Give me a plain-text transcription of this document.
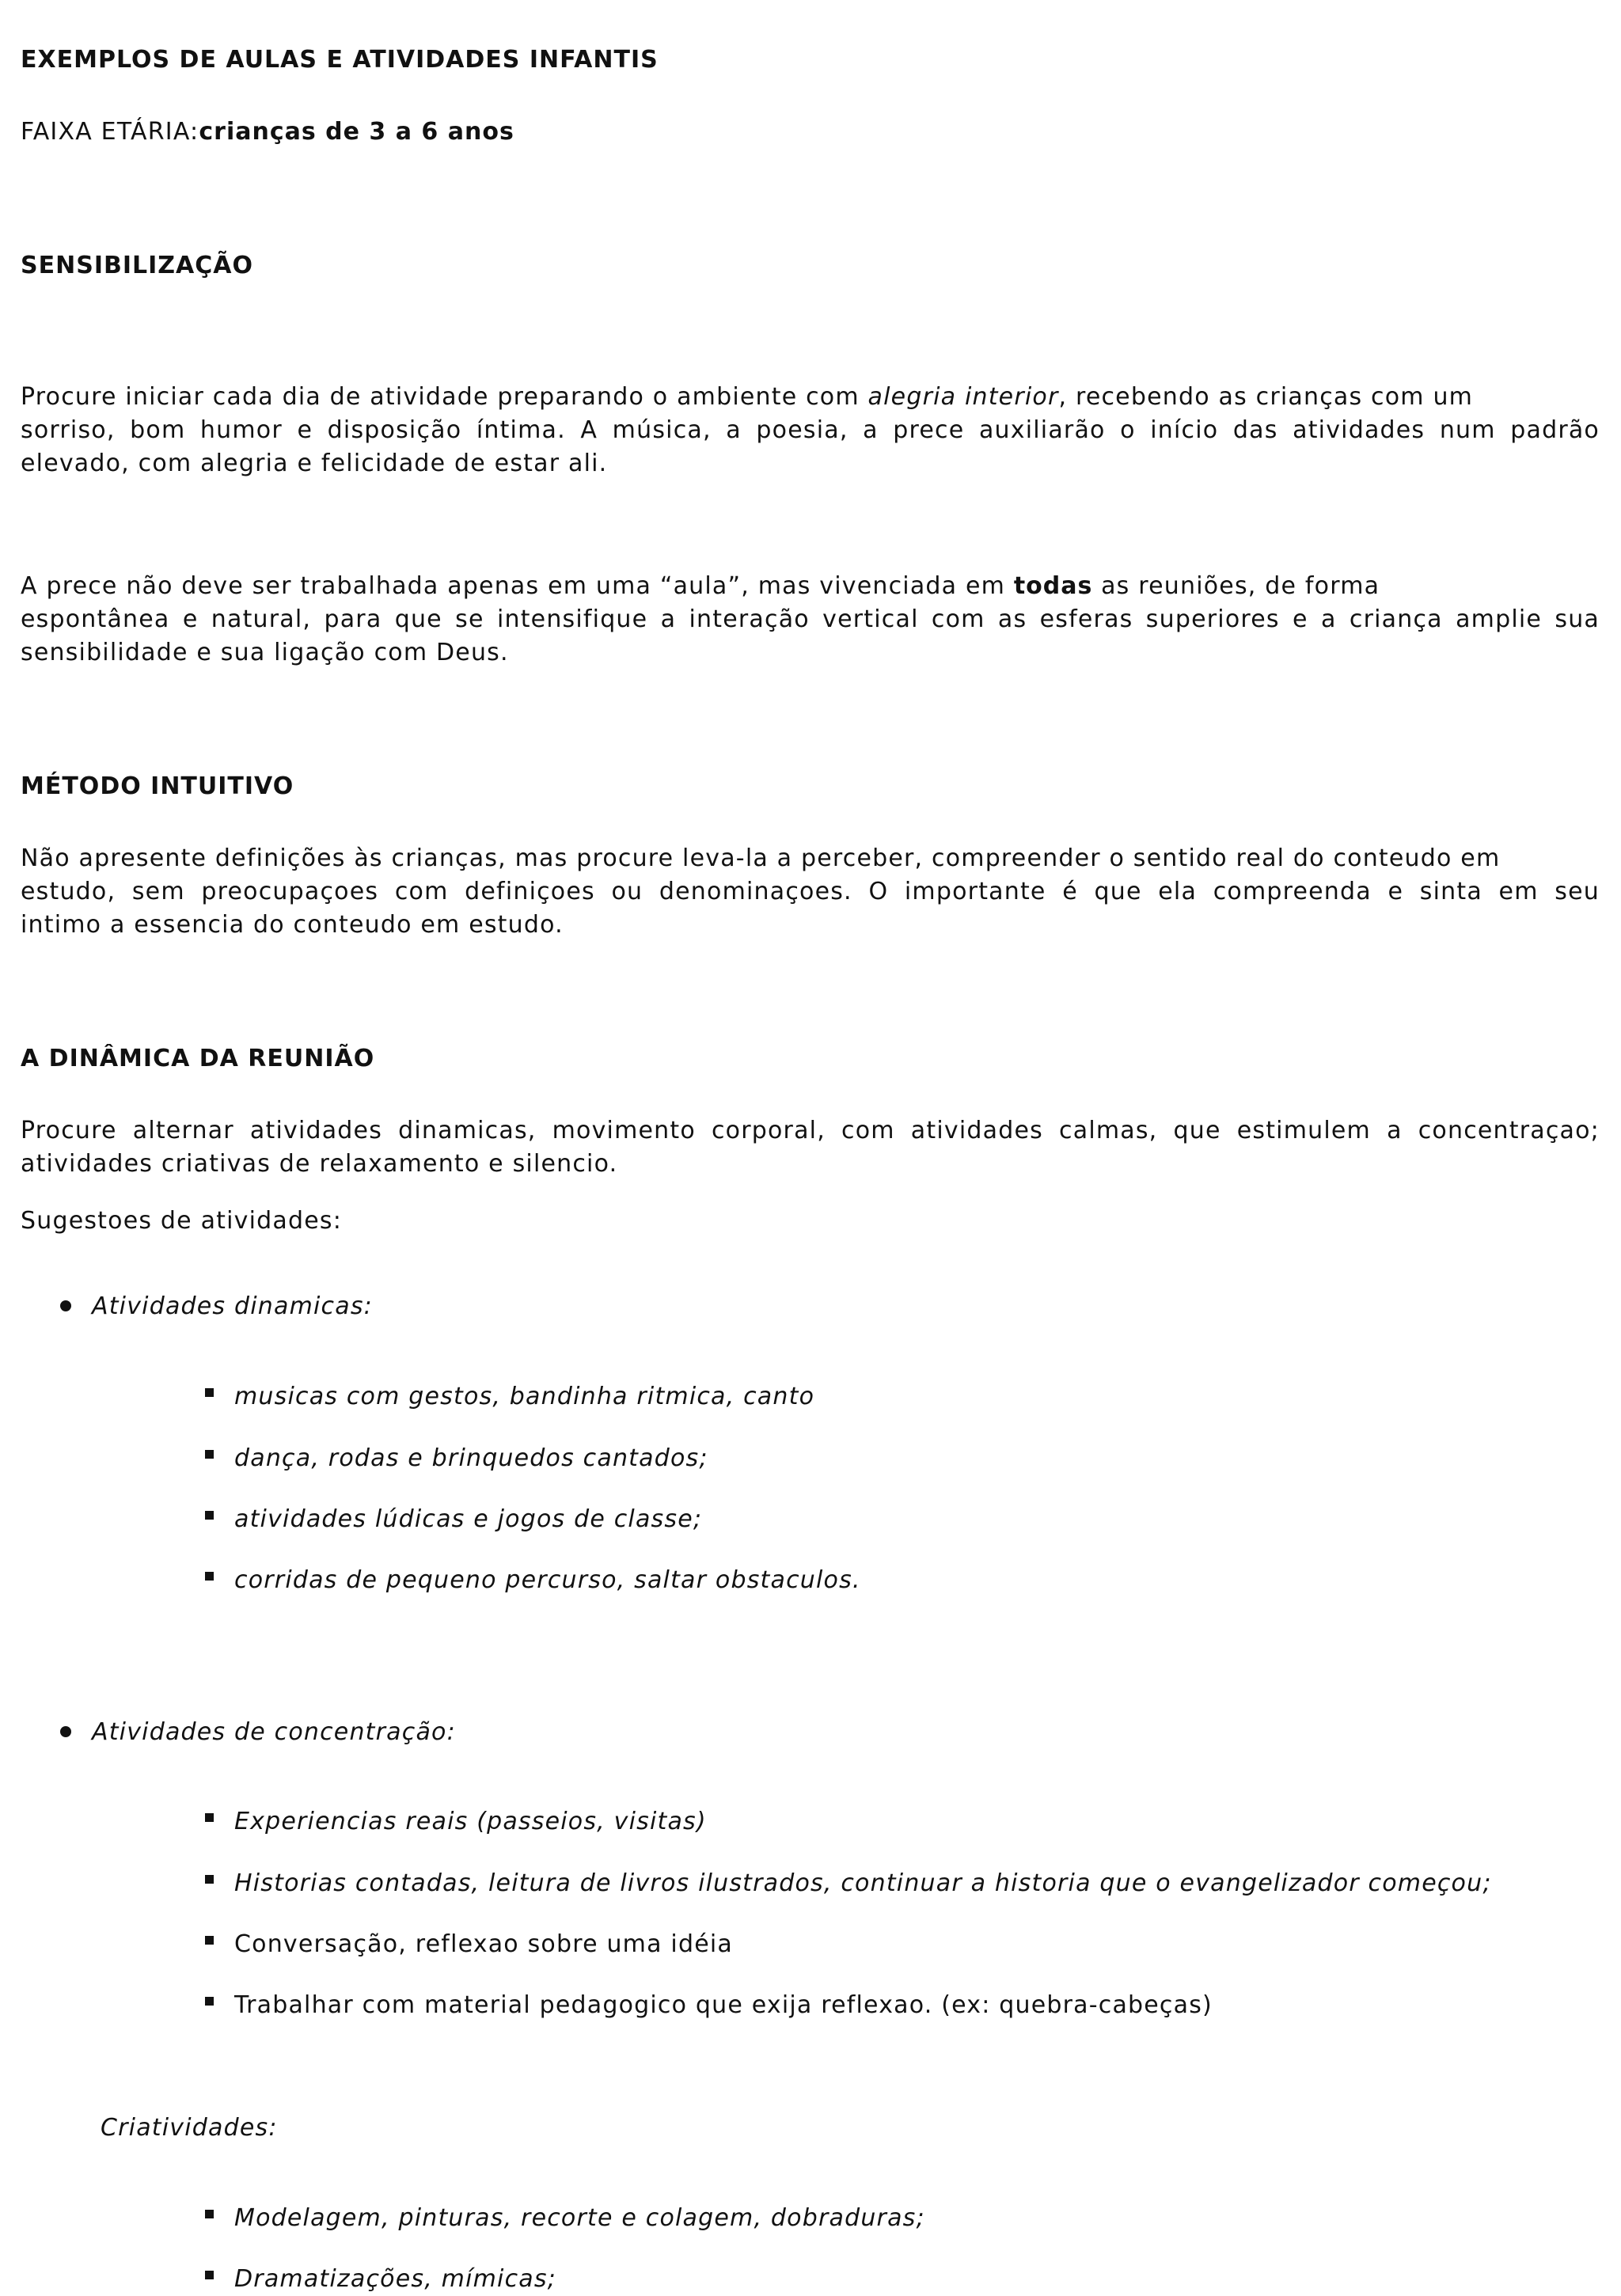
EXEMPLOS DE AULAS E ATIVIDADES INFANTIS
FAIXA ETÁRIA:crianças de 3 a 6 anos
SENSIBILIZAÇÃO
Procure iniciar cada dia de atividade preparando o ambiente com alegria interior, recebendo as crianças com um
sorriso, bom humor e disposição íntima. A música, a poesia, a prece auxiliarão o início das atividades num padrão
elevado, com alegria e felicidade de estar ali.
A prece não deve ser trabalhada apenas em uma “aula”, mas vivenciada em todas as reuniões, de forma
espontânea e natural, para que se intensifique a interação vertical com as esferas superiores e a criança amplie sua
sensibilidade e sua ligação com Deus.
MÉTODO INTUITIVO
Não apresente definições às crianças, mas procure leva-la a perceber, compreender o sentido real do conteudo em
estudo, sem preocupaçoes com definiçoes ou denominaçoes. O importante é que ela compreenda e sinta em seu
intimo a essencia do conteudo em estudo.
A DINÂMICA DA REUNIÃO
Procure alternar atividades dinamicas, movimento corporal, com atividades calmas, que estimulem a concentraçao;
atividades criativas de relaxamento e silencio.
Sugestoes de atividades:
Atividades dinamicas:
musicas com gestos, bandinha ritmica, canto
dança, rodas e brinquedos cantados;
atividades lúdicas e jogos de classe;
corridas de pequeno percurso, saltar obstaculos.
Atividades de concentração:
Experiencias reais (passeios, visitas)
Historias contadas, leitura de livros ilustrados, continuar a historia que o evangelizador começou;
Conversação, reflexao sobre uma idéia
Trabalhar com material pedagogico que exija reflexao. (ex: quebra-cabeças)
Criatividades:
Modelagem, pinturas, recorte e colagem, dobraduras;
Dramatizações, mímicas;
